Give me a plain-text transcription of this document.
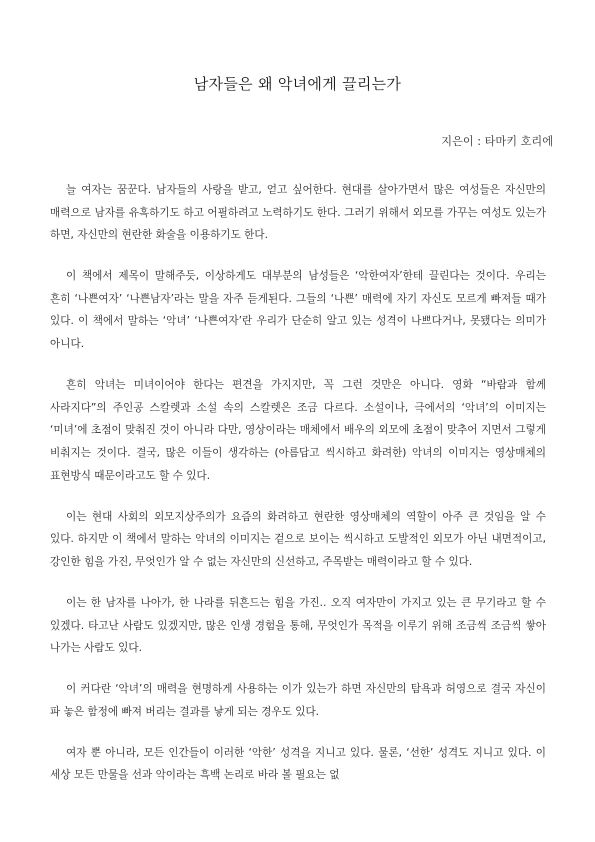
남자들은 왜 악녀에게 끌리는가
지은이 : 타마키 호리에

늘 여자는 꿈꾼다. 남자들의 사랑을 받고, 얻고 싶어한다. 현대를 살아가면서 많은 여성들은 자신만의 매력으로 남자를 유혹하기도 하고 어필하려고 노력하기도 한다. 그러기 위해서 외모를 가꾸는 여성도 있는가 하면, 자신만의 현란한 화술을 이용하기도 한다.

이 책에서 제목이 말해주듯, 이상하게도 대부분의 남성들은 ‘악한여자’한테 끌린다는 것이다. 우리는 흔히 ‘나쁜여자’ ‘나쁜남자’라는 말을 자주 듣게된다. 그들의 ‘나쁜’ 매력에 자기 자신도 모르게 빠져들 때가 있다. 이 책에서 말하는 ‘악녀’ ‘나쁜여자’란 우리가 단순히 알고 있는 성격이 나쁘다거나, 못됐다는 의미가 아니다.

흔히 악녀는 미녀이어야 한다는 편견을 가지지만, 꼭 그런 것만은 아니다. 영화 “바람과 함께 사라지다”의 주인공 스칼렛과 소설 속의 스칼렛은 조금 다르다. 소설이나, 극에서의 ‘악녀’의 이미지는 ‘미녀’에 초점이 맞춰진 것이 아니라 다만, 영상이라는 매체에서 배우의 외모에 초점이 맞추어 지면서 그렇게 비춰지는 것이다. 결국, 많은 이들이 생각하는 (아름답고 씩시하고 화려한) 악녀의 이미지는 영상매체의 표현방식 때문이라고도 할 수 있다.

이는 현대 사회의 외모지상주의가 요즘의 화려하고 현란한 영상매체의 역할이 아주 큰 것임을 알 수 있다. 하지만 이 책에서 말하는 악녀의 이미지는 겉으로 보이는 씩시하고 도발적인 외모가 아닌 내면적이고, 강인한 힘을 가진, 무엇인가 알 수 없는 자신만의 신선하고, 주목받는 매력이라고 할 수 있다.

이는 한 남자를 나아가, 한 나라를 뒤흔드는 힘을 가진.. 오직 여자만이 가지고 있는 큰 무기라고 할 수 있겠다. 타고난 사람도 있겠지만, 많은 인생 경험을 통해, 무엇인가 목적을 이루기 위해 조금씩 조금씩 쌓아 나가는 사람도 있다.

이 커다란 ‘악녀’의 매력을 현명하게 사용하는 이가 있는가 하면 자신만의 탐욕과 허영으로 결국 자신이 파 놓은 함정에 빠져 버리는 결과를 낳게 되는 경우도 있다.

여자 뿐 아니라, 모든 인간들이 이러한 ‘악한’ 성격을 지니고 있다. 물론, ‘선한’ 성격도 지니고 있다. 이 세상 모든 만물을 선과 악이라는 흑백 논리로 바라 볼 필요는 없
